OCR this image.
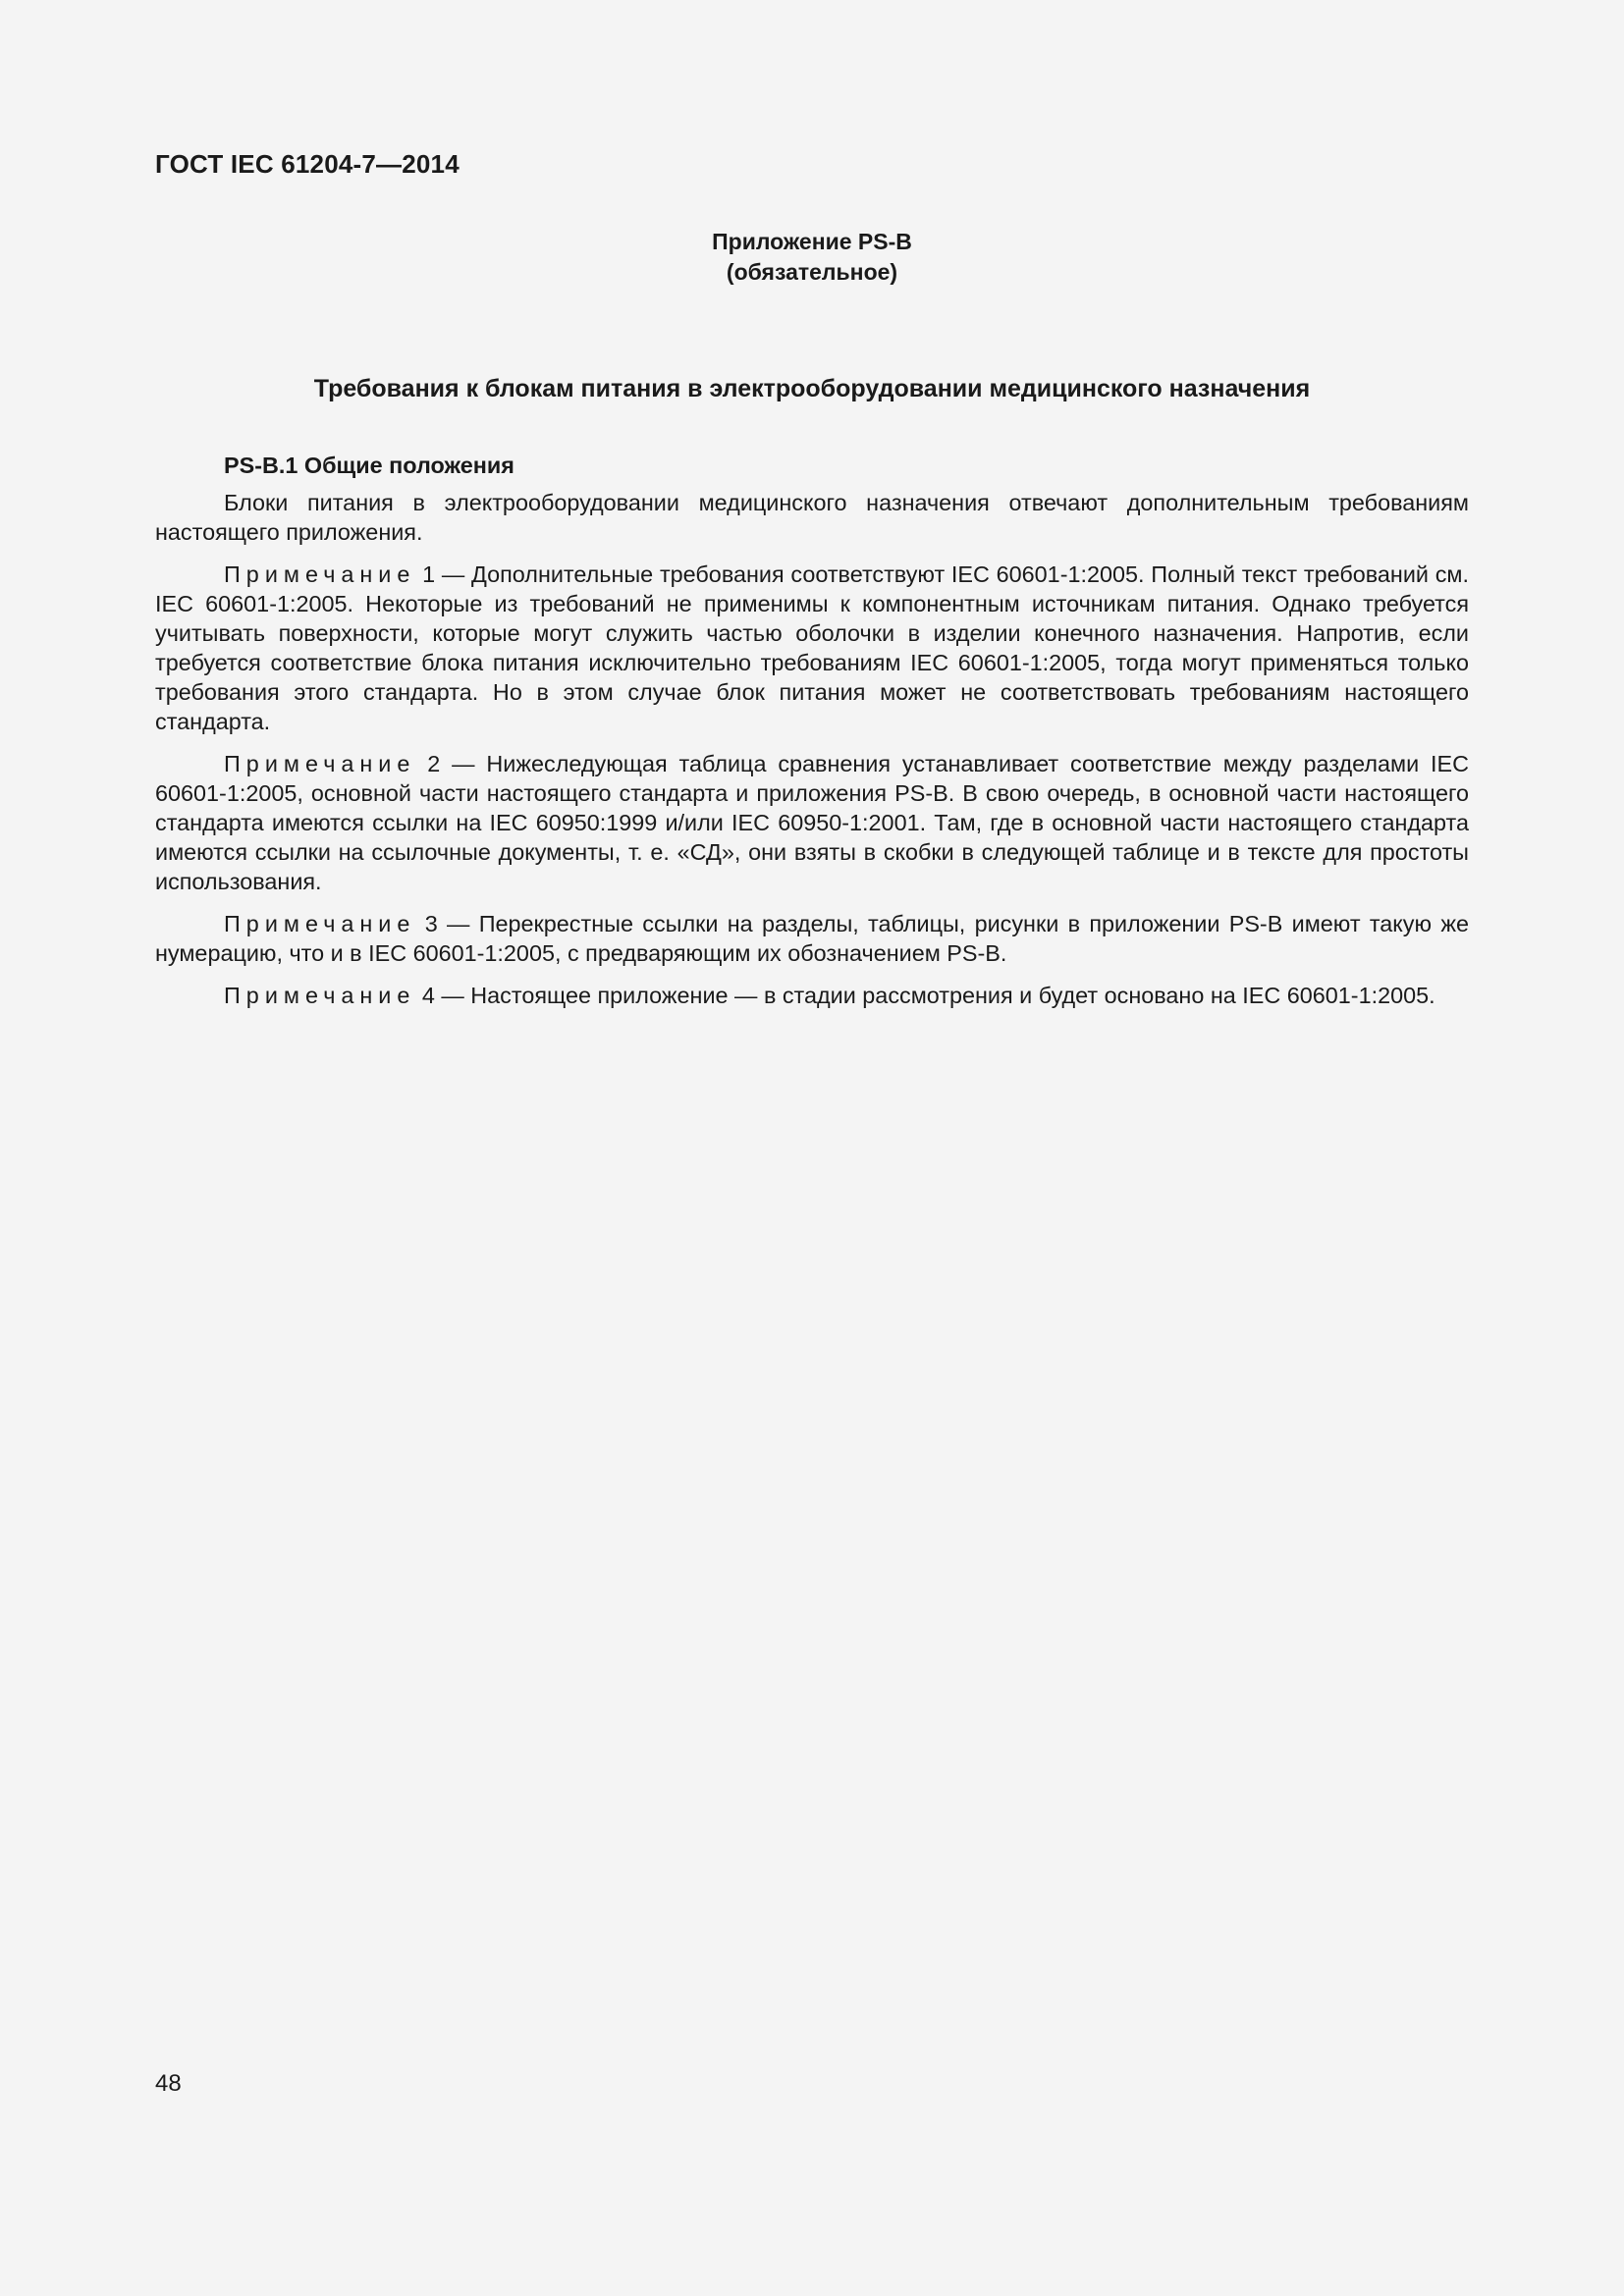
ГОСТ IEC 61204-7—2014
Приложение PS-B
(обязательное)
Требования к блокам питания в электрооборудовании медицинского назначения
PS-B.1 Общие положения

Блоки питания в электрооборудовании медицинского назначения отвечают дополнительным требованиям настоящего приложения.

Примечание 1 — Дополнительные требования соответствуют IEC 60601-1:2005. Полный текст требований см. IEC 60601-1:2005. Некоторые из требований не применимы к компонентным источникам питания. Однако требуется учитывать поверхности, которые могут служить частью оболочки в изделии конечного назначения. Напротив, если требуется соответствие блока питания исключительно требованиям IEC 60601-1:2005, тогда могут применяться только требования этого стандарта. Но в этом случае блок питания может не соответствовать требованиям настоящего стандарта.

Примечание 2 — Нижеследующая таблица сравнения устанавливает соответствие между разделами IEC 60601-1:2005, основной части настоящего стандарта и приложения PS-B. В свою очередь, в основной части настоящего стандарта имеются ссылки на IEC 60950:1999 и/или IEC 60950-1:2001. Там, где в основной части настоящего стандарта имеются ссылки на ссылочные документы, т. е. «СД», они взяты в скобки в следующей таблице и в тексте для простоты использования.

Примечание 3 — Перекрестные ссылки на разделы, таблицы, рисунки в приложении PS-B имеют такую же нумерацию, что и в IEC 60601-1:2005, с предваряющим их обозначением PS-B.

Примечание 4 — Настоящее приложение — в стадии рассмотрения и будет основано на IEC 60601-1:2005.

48
